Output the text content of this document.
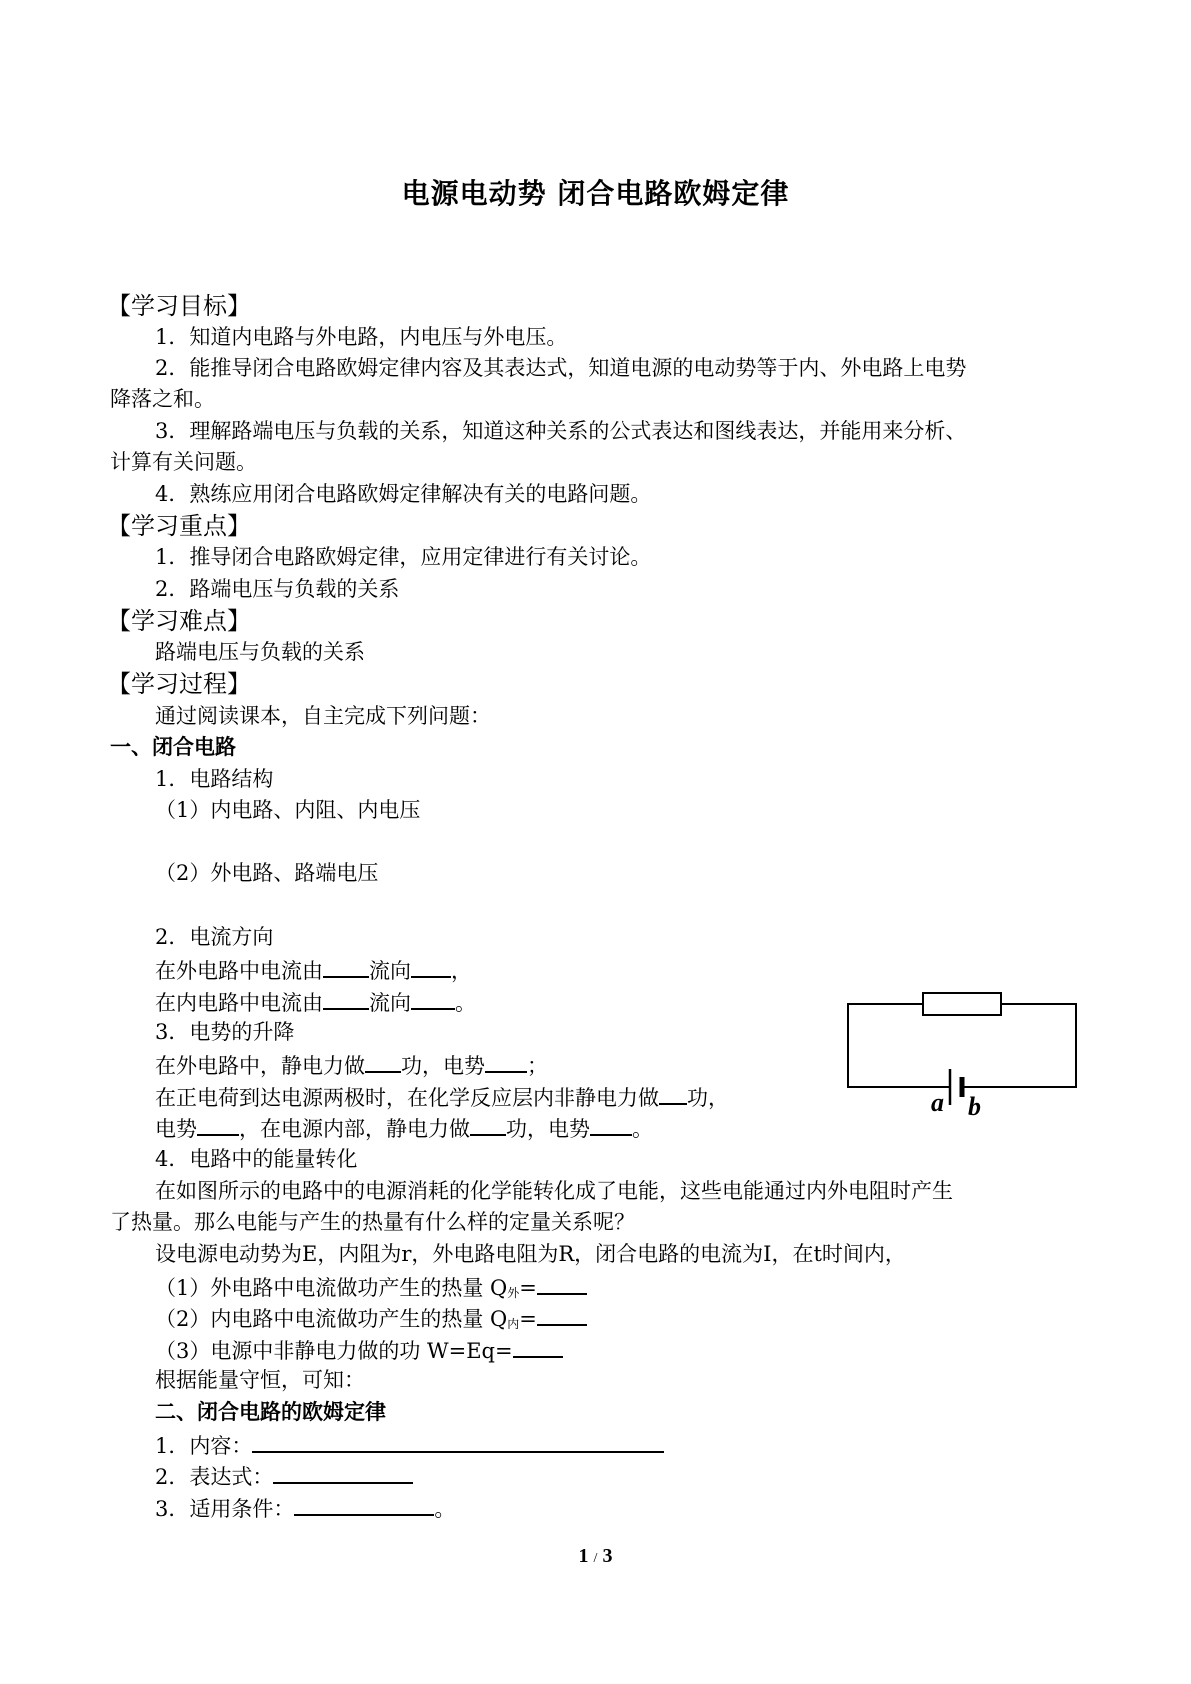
电源电动势 闭合电路欧姆定律
【学习目标】
1．知道内电路与外电路，内电压与外电压。
2．能推导闭合电路欧姆定律内容及其表达式，知道电源的电动势等于内、外电路上电势
降落之和。
3．理解路端电压与负载的关系，知道这种关系的公式表达和图线表达，并能用来分析、
计算有关问题。
4．熟练应用闭合电路欧姆定律解决有关的电路问题。
【学习重点】
1．推导闭合电路欧姆定律，应用定律进行有关讨论。
2．路端电压与负载的关系
【学习难点】
路端电压与负载的关系
【学习过程】
通过阅读课本，自主完成下列问题：
一、闭合电路
1．电路结构
（1）内电路、内阻、内电压
（2）外电路、路端电压
2．电流方向
在外电路中电流由 流向 ，
在内电路中电流由 流向 。
3．电势的升降
在外电路中，静电力做 功，电势 ；
在正电荷到达电源两极时，在化学反应层内非静电力做 功，
电势 ，在电源内部，静电力做 功，电势 。
4．电路中的能量转化
在如图所示的电路中的电源消耗的化学能转化成了电能，这些电能通过内外电阻时产生
了热量。那么电能与产生的热量有什么样的定量关系呢？
设电源电动势为E，内阻为r，外电路电阻为R，闭合电路的电流为I，在t时间内，
（1）外电路中电流做功产生的热量 $Q_外=$
（2）内电路中电流做功产生的热量 $Q_内=$
（3）电源中非静电力做的功 W=Eq=
根据能量守恒，可知：
二、闭合电路的欧姆定律
1．内容：
2．表达式：
3．适用条件：	。
a b
1 / 3
